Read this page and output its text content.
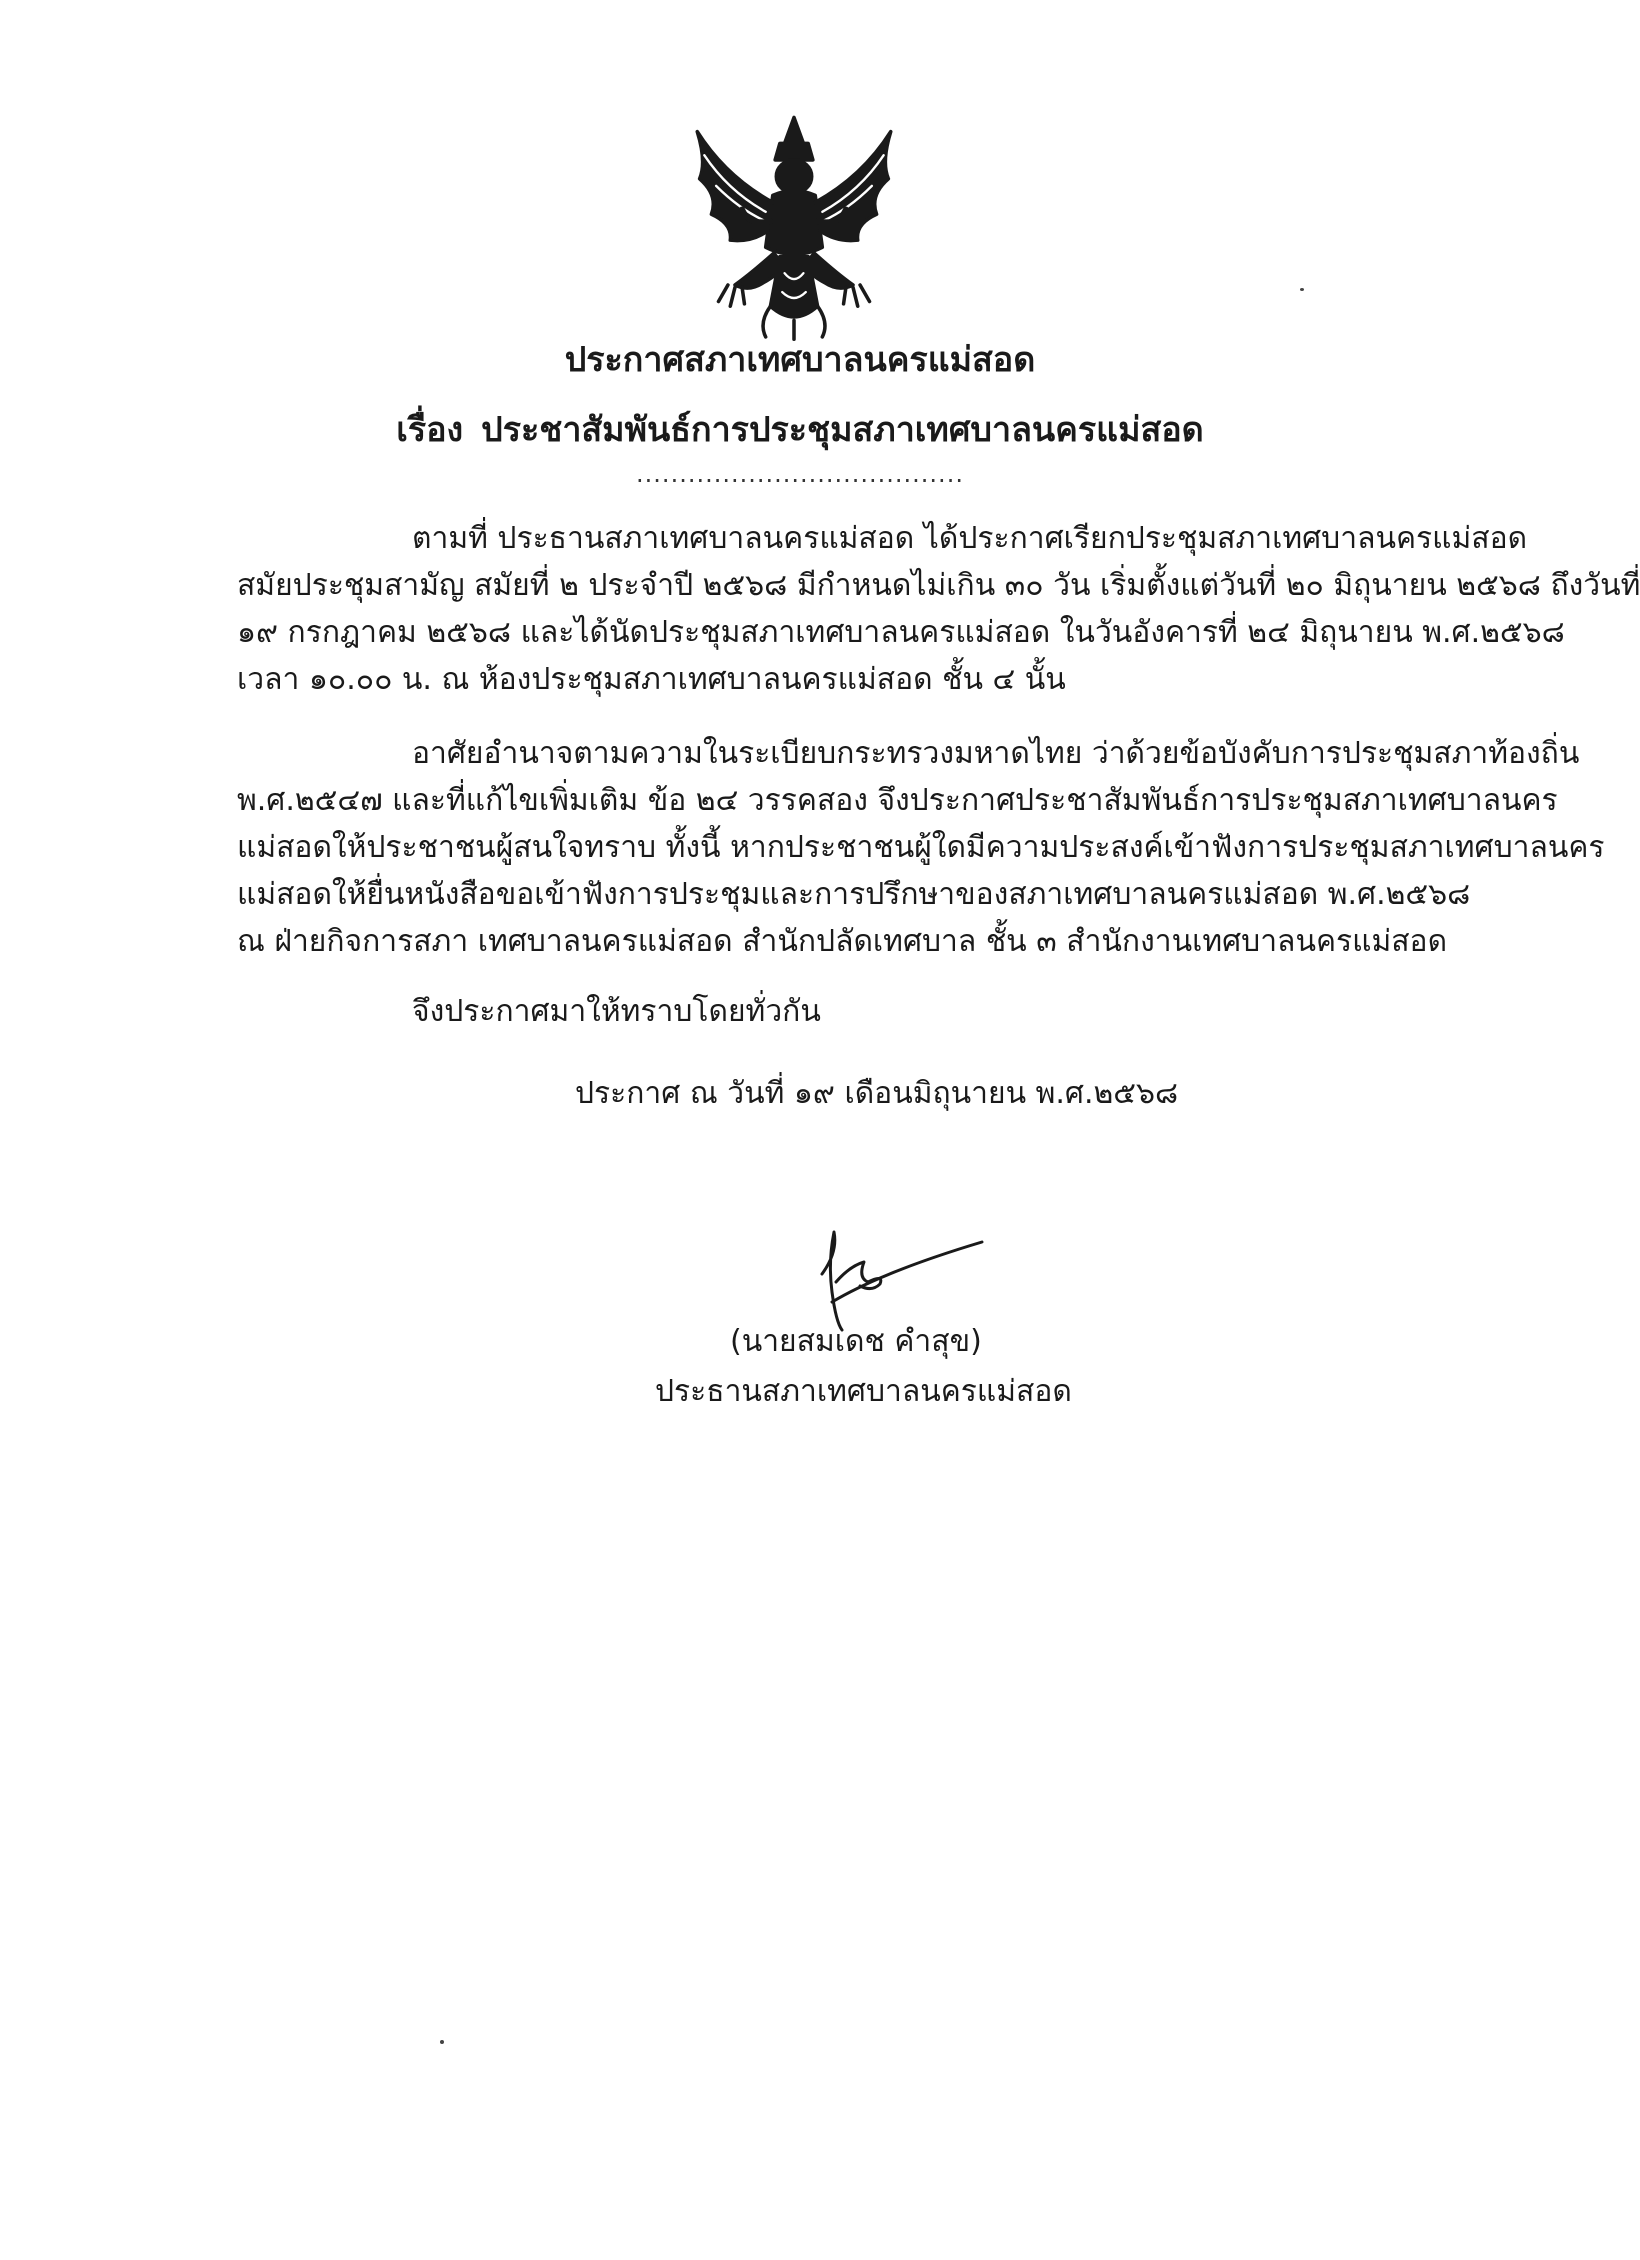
ประกาศสภาเทศบาลนครแม่สอด
เรื่อง ประชาสัมพันธ์การประชุมสภาเทศบาลนครแม่สอด
......................................
ตามที่ ประธานสภาเทศบาลนครแม่สอด ได้ประกาศเรียกประชุมสภาเทศบาลนครแม่สอด
สมัยประชุมสามัญ สมัยที่ ๒ ประจำปี ๒๕๖๘ มีกำหนดไม่เกิน ๓๐ วัน เริ่มตั้งแต่วันที่ ๒๐ มิถุนายน ๒๕๖๘ ถึงวันที่
๑๙ กรกฎาคม ๒๕๖๘ และได้นัดประชุมสภาเทศบาลนครแม่สอด ในวันอังคารที่ ๒๔ มิถุนายน พ.ศ.๒๕๖๘
เวลา ๑๐.๐๐ น. ณ ห้องประชุมสภาเทศบาลนครแม่สอด ชั้น ๔ นั้น
อาศัยอำนาจตามความในระเบียบกระทรวงมหาดไทย ว่าด้วยข้อบังคับการประชุมสภาท้องถิ่น
พ.ศ.๒๕๔๗ และที่แก้ไขเพิ่มเติม ข้อ ๒๔ วรรคสอง จึงประกาศประชาสัมพันธ์การประชุมสภาเทศบาลนคร
แม่สอดให้ประชาชนผู้สนใจทราบ ทั้งนี้ หากประชาชนผู้ใดมีความประสงค์เข้าฟังการประชุมสภาเทศบาลนคร
แม่สอดให้ยื่นหนังสือขอเข้าฟังการประชุมและการปรึกษาของสภาเทศบาลนครแม่สอด พ.ศ.๒๕๖๘
ณ ฝ่ายกิจการสภา เทศบาลนครแม่สอด สำนักปลัดเทศบาล ชั้น ๓ สำนักงานเทศบาลนครแม่สอด
จึงประกาศมาให้ทราบโดยทั่วกัน
ประกาศ ณ วันที่ ๑๙ เดือนมิถุนายน พ.ศ.๒๕๖๘
(นายสมเดช คำสุข)
ประธานสภาเทศบาลนครแม่สอด
